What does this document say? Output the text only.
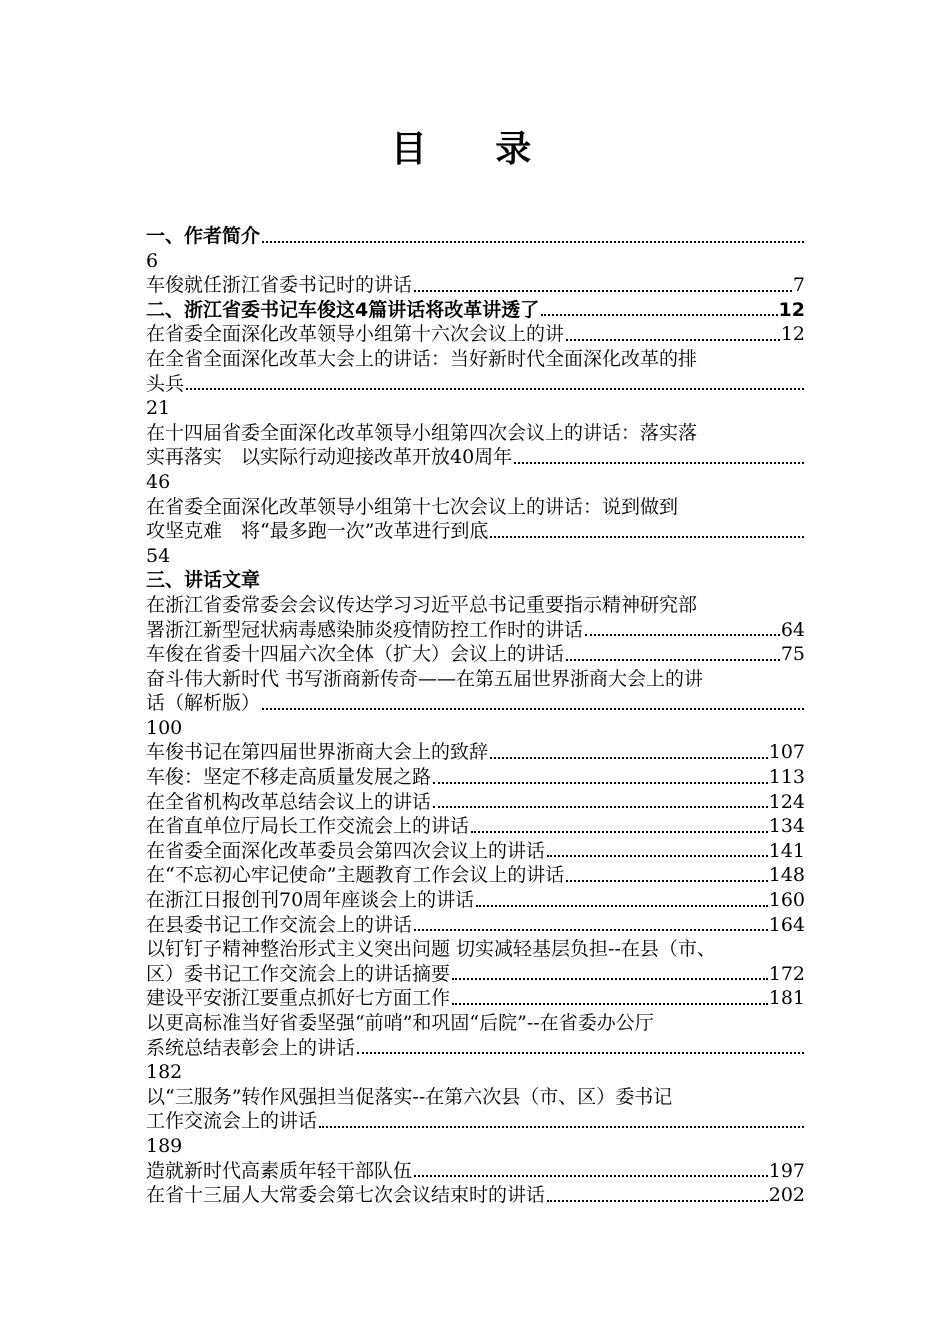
目 录
一、作者简介
6
车俊就任浙江省委书记时的讲话	7
二、浙江省委书记车俊这4篇讲话将改革讲透了	12
在省委全面深化改革领导小组第十六次会议上的讲	12
在全省全面深化改革大会上的讲话：当好新时代全面深化改革的排
头兵
21
在十四届省委全面深化改革领导小组第四次会议上的讲话：落实落
实再落实　以实际行动迎接改革开放40周年
46
在省委全面深化改革领导小组第十七次会议上的讲话：说到做到
攻坚克难　将“最多跑一次”改革进行到底
54
三、讲话文章
在浙江省委常委会会议传达学习习近平总书记重要指示精神研究部
署浙江新型冠状病毒感染肺炎疫情防控工作时的讲话	64
车俊在省委十四届六次全体（扩大）会议上的讲话	75
奋斗伟大新时代 书写浙商新传奇——在第五届世界浙商大会上的讲
话（解析版）
100
车俊书记在第四届世界浙商大会上的致辞	107
车俊：坚定不移走高质量发展之路	113
在全省机构改革总结会议上的讲话	124
在省直单位厅局长工作交流会上的讲话	134
在省委全面深化改革委员会第四次会议上的讲话	141
在“不忘初心牢记使命”主题教育工作会议上的讲话	148
在浙江日报创刊70周年座谈会上的讲话	160
在县委书记工作交流会上的讲话	164
以钉钉子精神整治形式主义突出问题 切实减轻基层负担--在县（市、
区）委书记工作交流会上的讲话摘要	172
建设平安浙江要重点抓好七方面工作	181
以更高标准当好省委坚强“前哨”和巩固“后院”--在省委办公厅
系统总结表彰会上的讲话
182
以“三服务”转作风强担当促落实--在第六次县（市、区）委书记
工作交流会上的讲话
189
造就新时代高素质年轻干部队伍	197
在省十三届人大常委会第七次会议结束时的讲话	202
